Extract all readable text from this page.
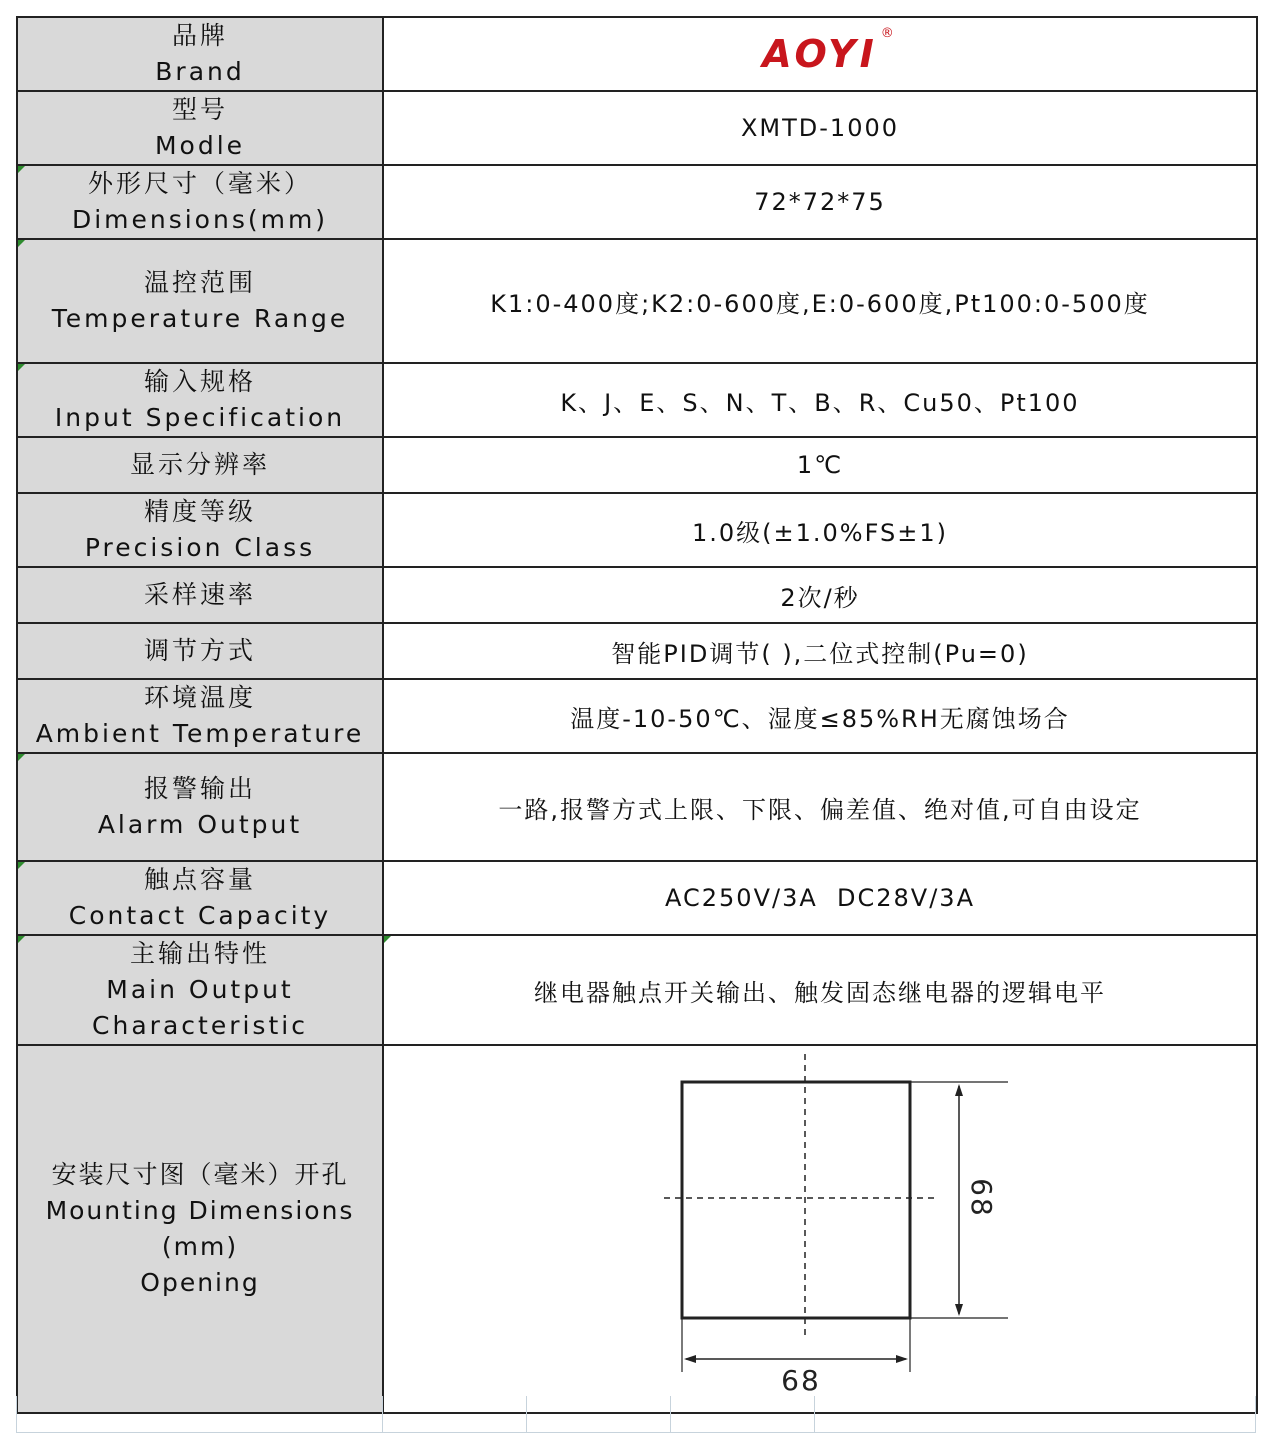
品牌
Brand	AOYI ®

型号
Modle	XMTD-1000

外形尺寸（毫米）
Dimensions(mm)	72*72*75

温控范围
Temperature Range	K1:0-400度;K2:0-600度,E:0-600度,Pt100:0-500度

输入规格
Input Specification	K、J、E、S、N、T、B、R、Cu50、Pt100
显示分辨率	1℃

精度等级
Precision Class	1.0级(±1.0%FS±1)
采样速率	2次/秒
调节方式	智能PID调节( ),二位式控制(Pu=0)

环境温度
Ambient Temperature	温度-10-50℃、湿度≤85%RH无腐蚀场合

报警输出
Alarm Output	一路,报警方式上限、下限、偏差值、绝对值,可自由设定

触点容量
Contact Capacity	AC250V/3A  DC28V/3A

主输出特性
Main Output
Characteristic	继电器触点开关输出、触发固态继电器的逻辑电平

安装尺寸图（毫米）开孔
Mounting Dimensions
(mm)
Opening	68
68
